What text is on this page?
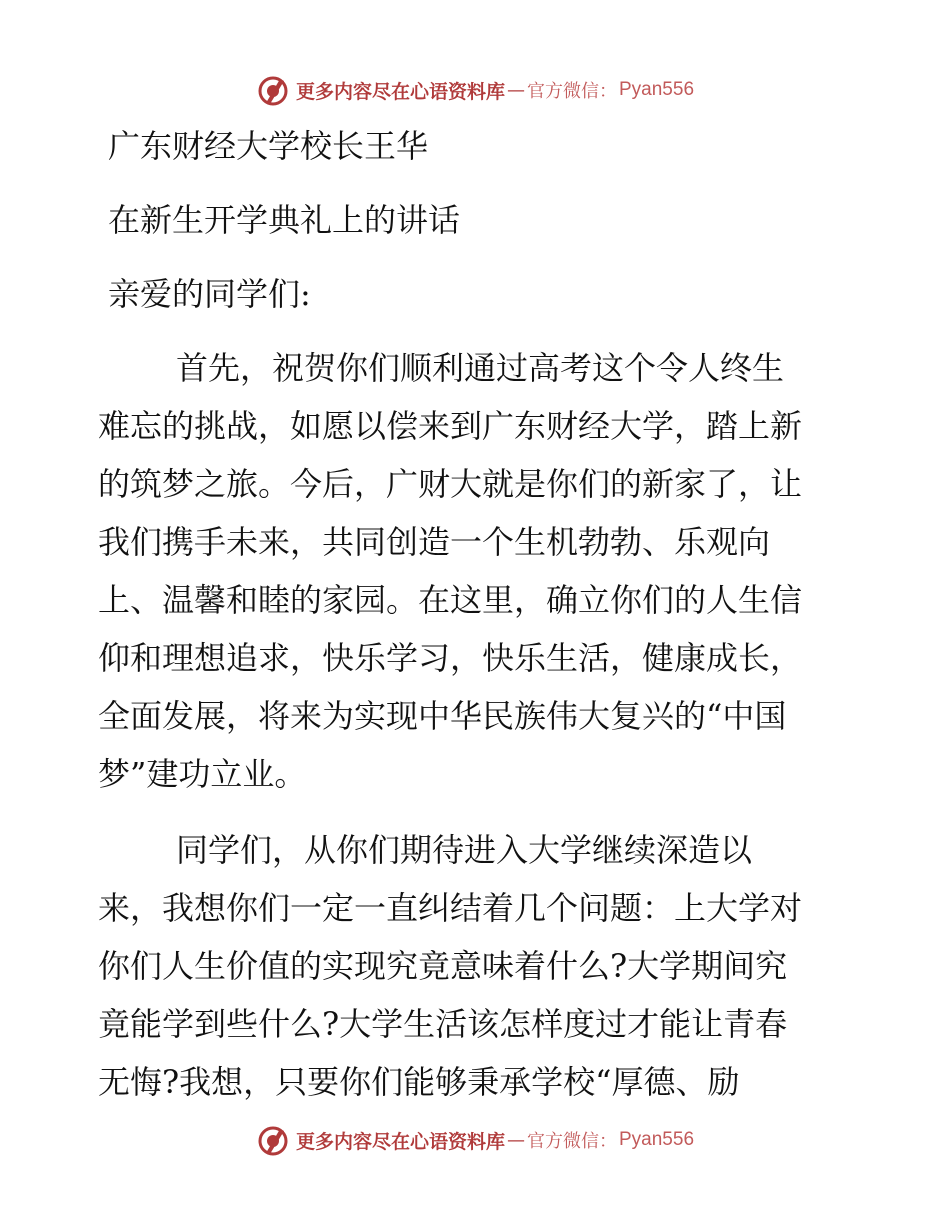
更多内容尽在心语资料库 — 官方微信： Pyan556
广东财经大学校长王华
在新生开学典礼上的讲话
亲爱的同学们:
首先，祝贺你们顺利通过高考这个令人终生
难忘的挑战，如愿以偿来到广东财经大学，踏上新
的筑梦之旅。今后，广财大就是你们的新家了，让
我们携手未来，共同创造一个生机勃勃、乐观向
上、温馨和睦的家园。在这里，确立你们的人生信
仰和理想追求，快乐学习，快乐生活，健康成长，
全面发展，将来为实现中华民族伟大复兴的“中国
梦”建功立业。
同学们，从你们期待进入大学继续深造以
来，我想你们一定一直纠结着几个问题：上大学对
你们人生价值的实现究竟意味着什么?大学期间究
竟能学到些什么?大学生活该怎样度过才能让青春
无悔?我想，只要你们能够秉承学校“厚德、励
更多内容尽在心语资料库 — 官方微信： Pyan556
